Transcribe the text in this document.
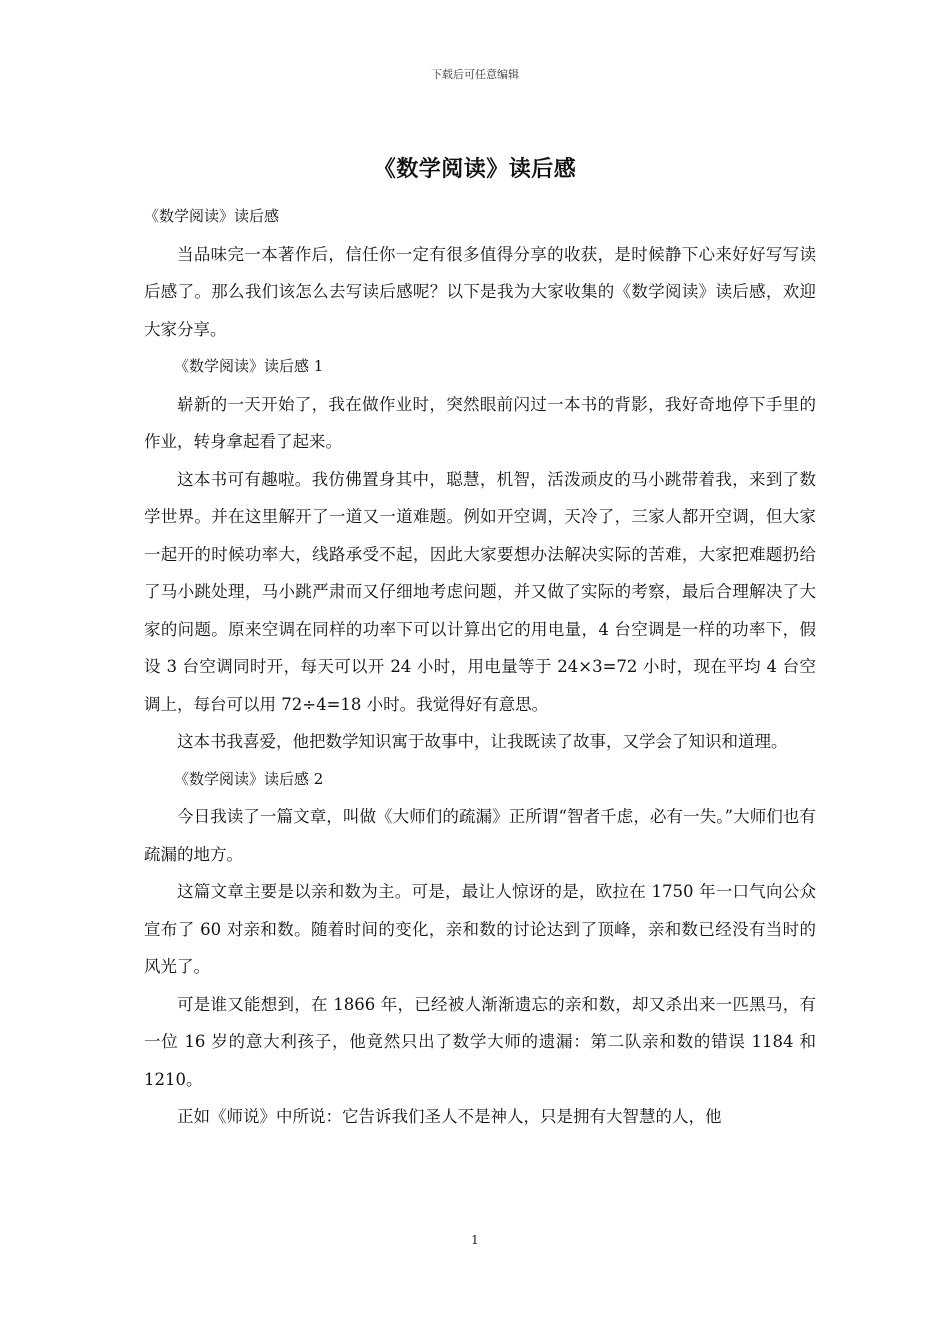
下载后可任意编辑
《数学阅读》读后感

《数学阅读》读后感

当品味完一本著作后，信任你一定有很多值得分享的收获，是时候静下心来好好写写读后感了。那么我们该怎么去写读后感呢？以下是我为大家收集的《数学阅读》读后感，欢迎大家分享。

《数学阅读》读后感 1

崭新的一天开始了，我在做作业时，突然眼前闪过一本书的背影，我好奇地停下手里的作业，转身拿起看了起来。

这本书可有趣啦。我仿佛置身其中，聪慧，机智，活泼顽皮的马小跳带着我，来到了数学世界。并在这里解开了一道又一道难题。例如开空调，天冷了，三家人都开空调，但大家一起开的时候功率大，线路承受不起，因此大家要想办法解决实际的苦难，大家把难题扔给了马小跳处理，马小跳严肃而又仔细地考虑问题，并又做了实际的考察，最后合理解决了大家的问题。原来空调在同样的功率下可以计算出它的用电量，4 台空调是一样的功率下，假设 3 台空调同时开，每天可以开 24 小时，用电量等于 24×3=72 小时，现在平均 4 台空调上，每台可以用 72÷4=18 小时。我觉得好有意思。

这本书我喜爱，他把数学知识寓于故事中，让我既读了故事，又学会了知识和道理。

《数学阅读》读后感 2

今日我读了一篇文章，叫做《大师们的疏漏》正所谓“智者千虑，必有一失。”大师们也有疏漏的地方。

这篇文章主要是以亲和数为主。可是，最让人惊讶的是，欧拉在 1750 年一口气向公众宣布了 60 对亲和数。随着时间的变化，亲和数的讨论达到了顶峰，亲和数已经没有当时的风光了。

可是谁又能想到，在 1866 年，已经被人渐渐遗忘的亲和数，却又杀出来一匹黑马，有一位 16 岁的意大利孩子，他竟然只出了数学大师的遗漏：第二队亲和数的错误 1184 和 1210。

正如《师说》中所说：它告诉我们圣人不是神人，只是拥有大智慧的人，他

1
